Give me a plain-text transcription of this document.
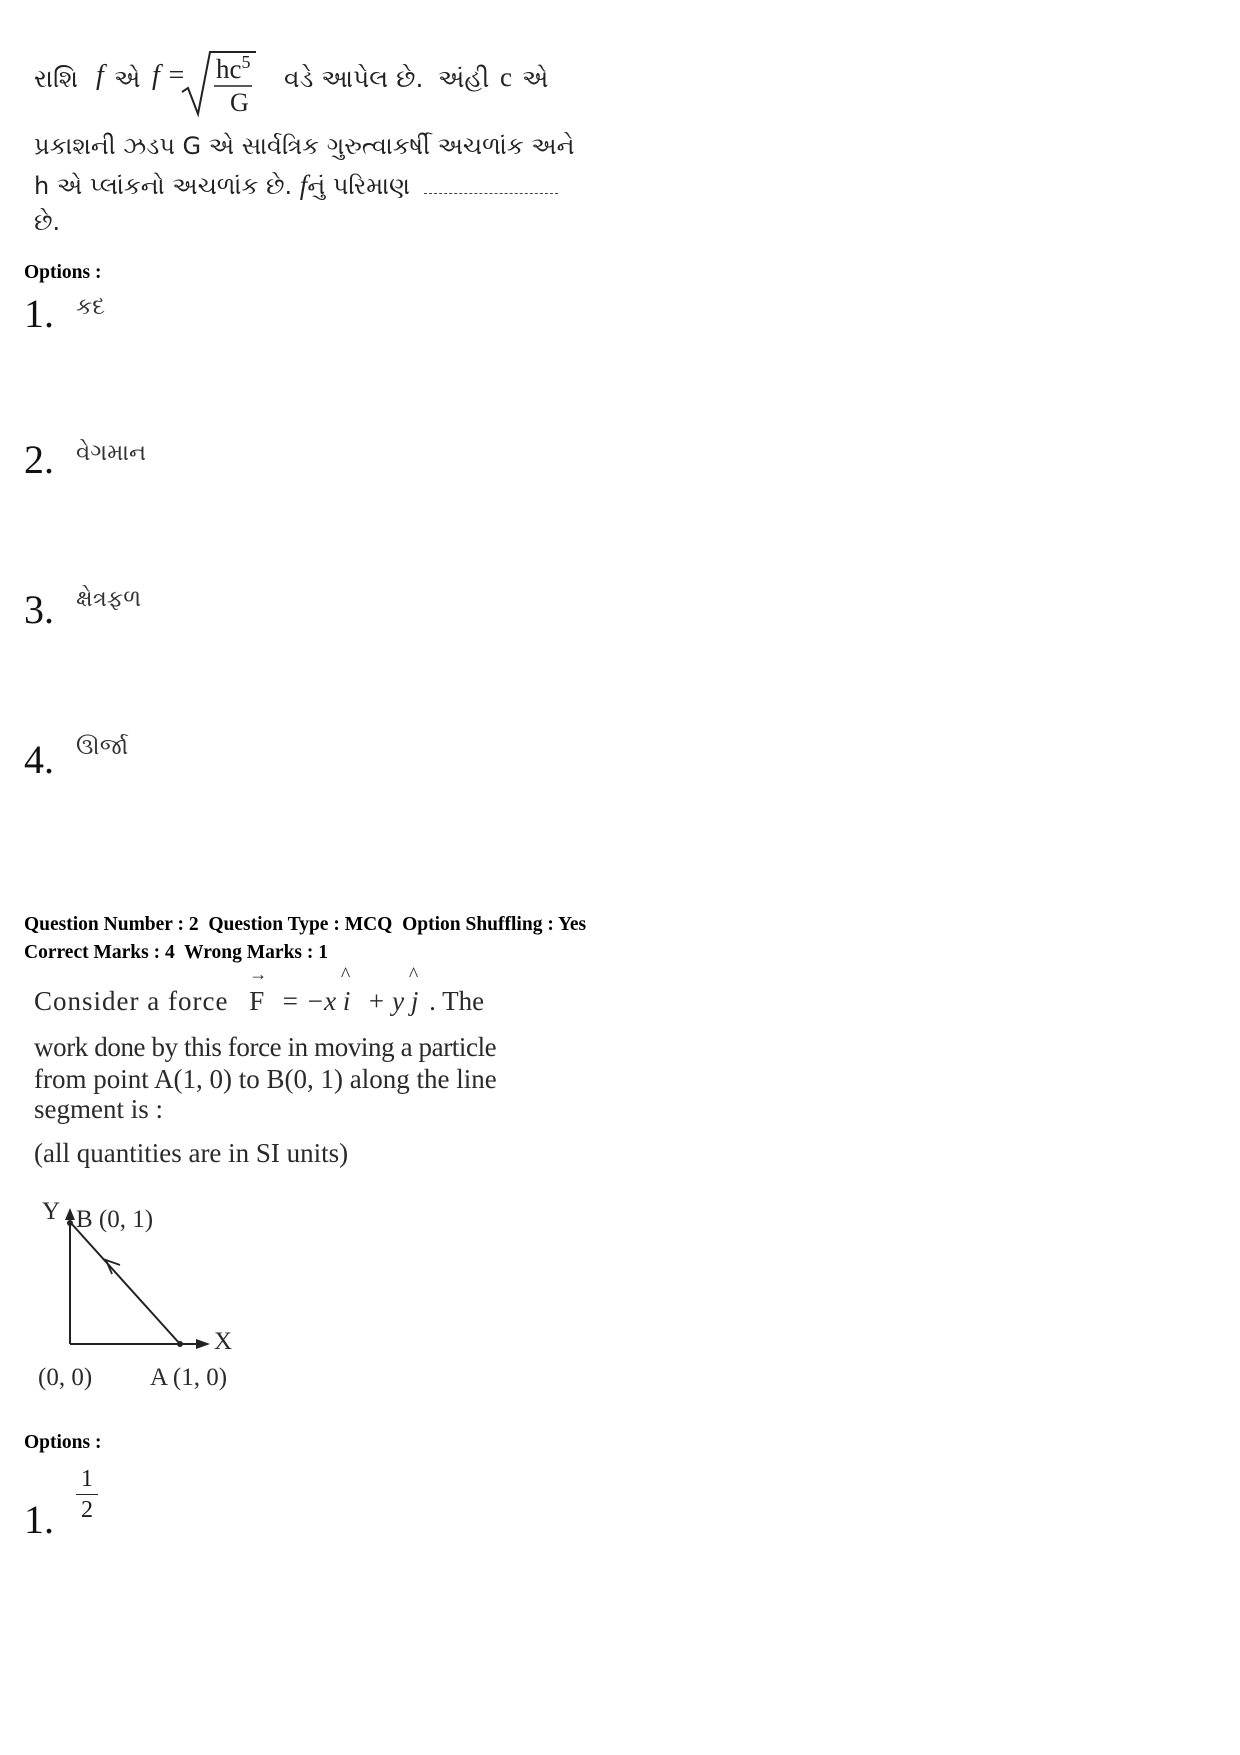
રાશિ f એ $f = hc^5$
G
વડે આપેલ છે. અંહી c એ
પ્રકાશની ઝડપ G એ સાર્વત્રિક ગુરુત્વાકર્ષી અચળાંક અને
h એ પ્લાંકનો અચળાંક છે. fનું પરિમાણ
છે.
Options :
1. કદ
2. વેગમાન
3. ક્ષેત્રફળ
4. ઊર્જા
Question Number : 2  Question Type : MCQ  Option Shuffling : Yes
Correct Marks : 4  Wrong Marks : 1
Consider a force
→
F = −x
^
i + y
^
j . The
work done by this force in moving a particle
from point A(1, 0) to B(0, 1) along the line
segment is :
(all quantities are in SI units)
Y B (0, 1)
X
(0, 0) A (1, 0)
Options :
1.
1
2
